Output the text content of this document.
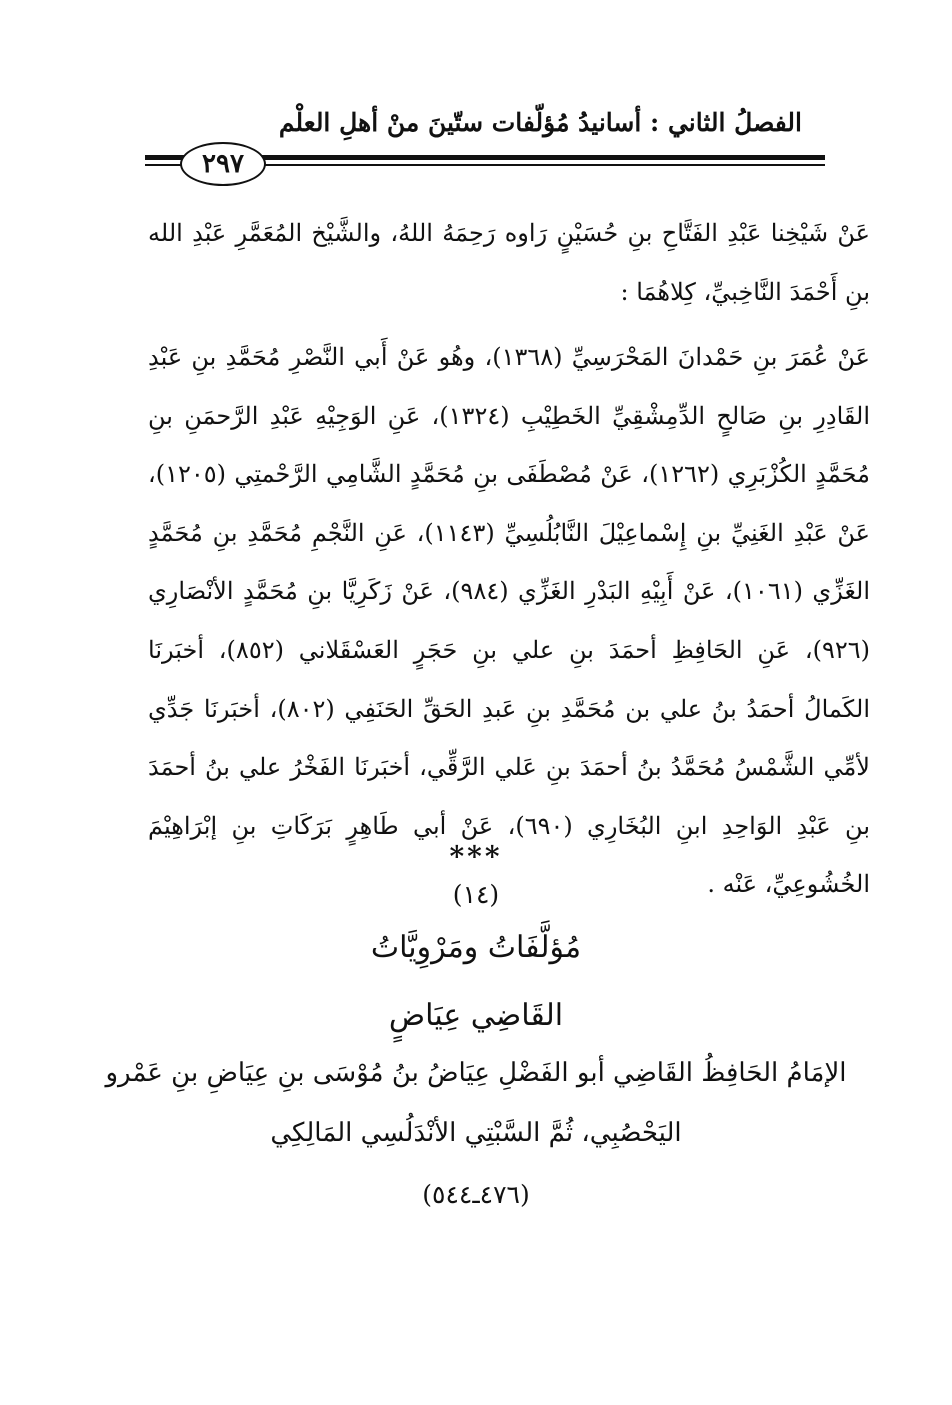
الفصلُ الثاني : أسانيدُ مُؤلّفات ستّينَ منْ أهلِ العلْم
٢٩٧

عَنْ شَيْخِنا عَبْدِ الفَتَّاحِ بنِ حُسَيْنٍ رَاوه رَحِمَهُ اللهُ، والشَّيْخ المُعَمَّرِ عَبْدِ الله بنِ أَحْمَدَ النَّاخِبيِّ، كِلاهُمَا :

عَنْ عُمَرَ بنِ حَمْدانَ المَحْرَسِيِّ (١٣٦٨)، وهُو عَنْ أَبي النَّصْرِ مُحَمَّدِ بنِ عَبْدِ القَادِرِ بنِ صَالحٍ الدِّمِشْقِيِّ الخَطِيْبِ (١٣٢٤)، عَنِ الوَجِيْهِ عَبْدِ الرَّحمَنِ بنِ مُحَمَّدٍ الكُزْبَرِي (١٢٦٢)، عَنْ مُصْطَفَى بنِ مُحَمَّدٍ الشَّامِي الرَّحْمتِي (١٢٠٥)، عَنْ عَبْدِ الغَنِيِّ بنِ إِسْماعِيْلَ النَّابُلُسِيِّ (١١٤٣)، عَنِ النَّجْمِ مُحَمَّدِ بنِ مُحَمَّدٍ الغَزِّي (١٠٦١)، عَنْ أَبِيْهِ البَدْرِ الغَزِّي (٩٨٤)، عَنْ زَكَرِيَّا بنِ مُحَمَّدٍ الأنْصَارِي (٩٢٦)، عَنِ الحَافِظِ أحمَدَ بنِ علي بنِ حَجَرٍ العَسْقَلاني (٨٥٢)، أخبَرنَا الكَمالُ أحمَدُ بنُ علي بن مُحَمَّدِ بنِ عَبدِ الحَقِّ الحَنَفِي (٨٠٢)، أخبَرنَا جَدِّي لأمِّي الشَّمْسُ مُحَمَّدُ بنُ أحمَدَ بنِ عَلي الرَّقِّي، أخبَرنَا الفَخْرُ علي بنُ أحمَدَ بنِ عَبْدِ الوَاحِدِ ابنِ البُخَارِي (٦٩٠)، عَنْ أبي طَاهِرٍ بَرَكَاتِ بنِ إبْرَاهِيْمَ الخُشُوعِيِّ، عَنْه .

***
(١٤)
مُؤلَّفَاتُ ومَرْوِيَّاتُ
القَاضِي عِيَاضٍ
الإمَامُ الحَافِظُ القَاضِي أبو الفَضْلِ عِيَاضُ بنُ مُوْسَى بنِ عِيَاضِ بنِ عَمْرو
اليَحْصُبِي، ثُمَّ السَّبْتِي الأنْدَلُسِي المَالِكِي
(٤٧٦ـ٥٤٤)
